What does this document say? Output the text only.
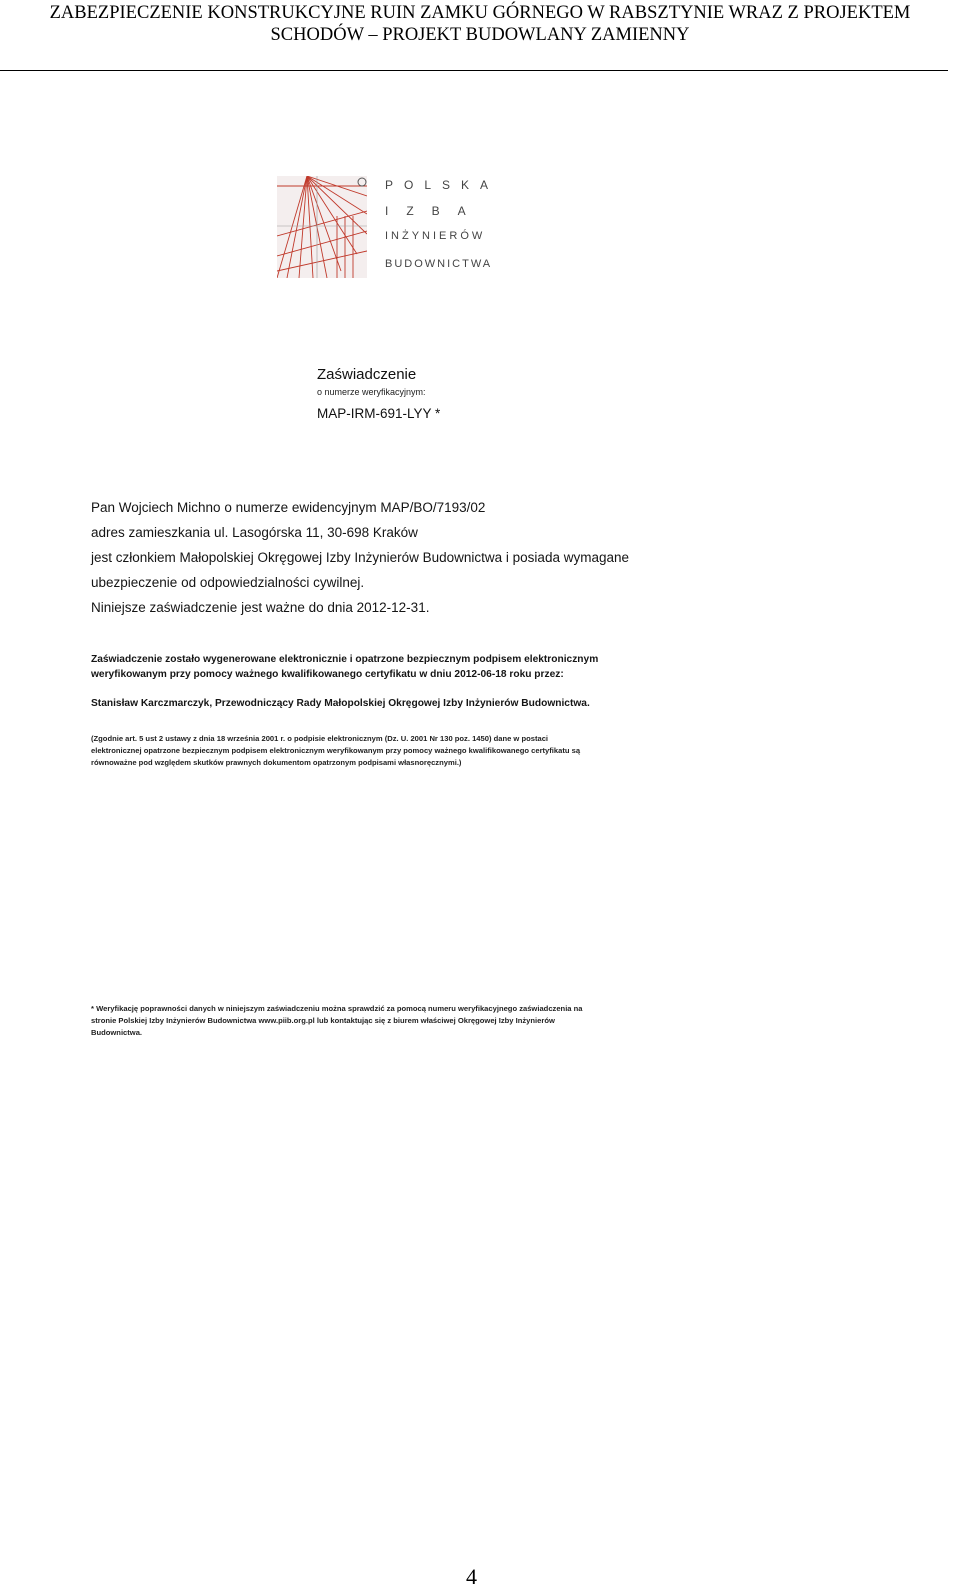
ZABEZPIECZENIE KONSTRUKCYJNE RUIN ZAMKU GÓRNEGO W RABSZTYNIE WRAZ Z PROJEKTEM
SCHODÓW – PROJEKT BUDOWLANY ZAMIENNY
POLSKA
IZBA
INŻYNIERÓW
BUDOWNICTWA
Zaświadczenie
o numerze weryfikacyjnym:
MAP-IRM-691-LYY *
Pan Wojciech Michno o numerze ewidencyjnym MAP/BO/7193/02
adres zamieszkania ul. Lasogórska 11, 30-698 Kraków
jest członkiem Małopolskiej Okręgowej Izby Inżynierów Budownictwa i posiada wymagane
ubezpieczenie od odpowiedzialności cywilnej.
Niniejsze zaświadczenie jest ważne do dnia 2012-12-31.
Zaświadczenie zostało wygenerowane elektronicznie i opatrzone bezpiecznym podpisem elektronicznym
weryfikowanym przy pomocy ważnego kwalifikowanego certyfikatu w dniu 2012-06-18 roku przez:
Stanisław Karczmarczyk, Przewodniczący Rady Małopolskiej Okręgowej Izby Inżynierów Budownictwa.
(Zgodnie art. 5 ust 2 ustawy z dnia 18 września 2001 r. o podpisie elektronicznym (Dz. U. 2001 Nr 130 poz. 1450) dane w postaci
elektronicznej opatrzone bezpiecznym podpisem elektronicznym weryfikowanym przy pomocy ważnego kwalifikowanego certyfikatu są
równoważne pod względem skutków prawnych dokumentom opatrzonym podpisami własnoręcznymi.)
* Weryfikację poprawności danych w niniejszym zaświadczeniu można sprawdzić za pomocą numeru weryfikacyjnego zaświadczenia na
stronie Polskiej Izby Inżynierów Budownictwa www.piib.org.pl lub kontaktując się z biurem właściwej Okręgowej Izby Inżynierów
Budownictwa.
4
